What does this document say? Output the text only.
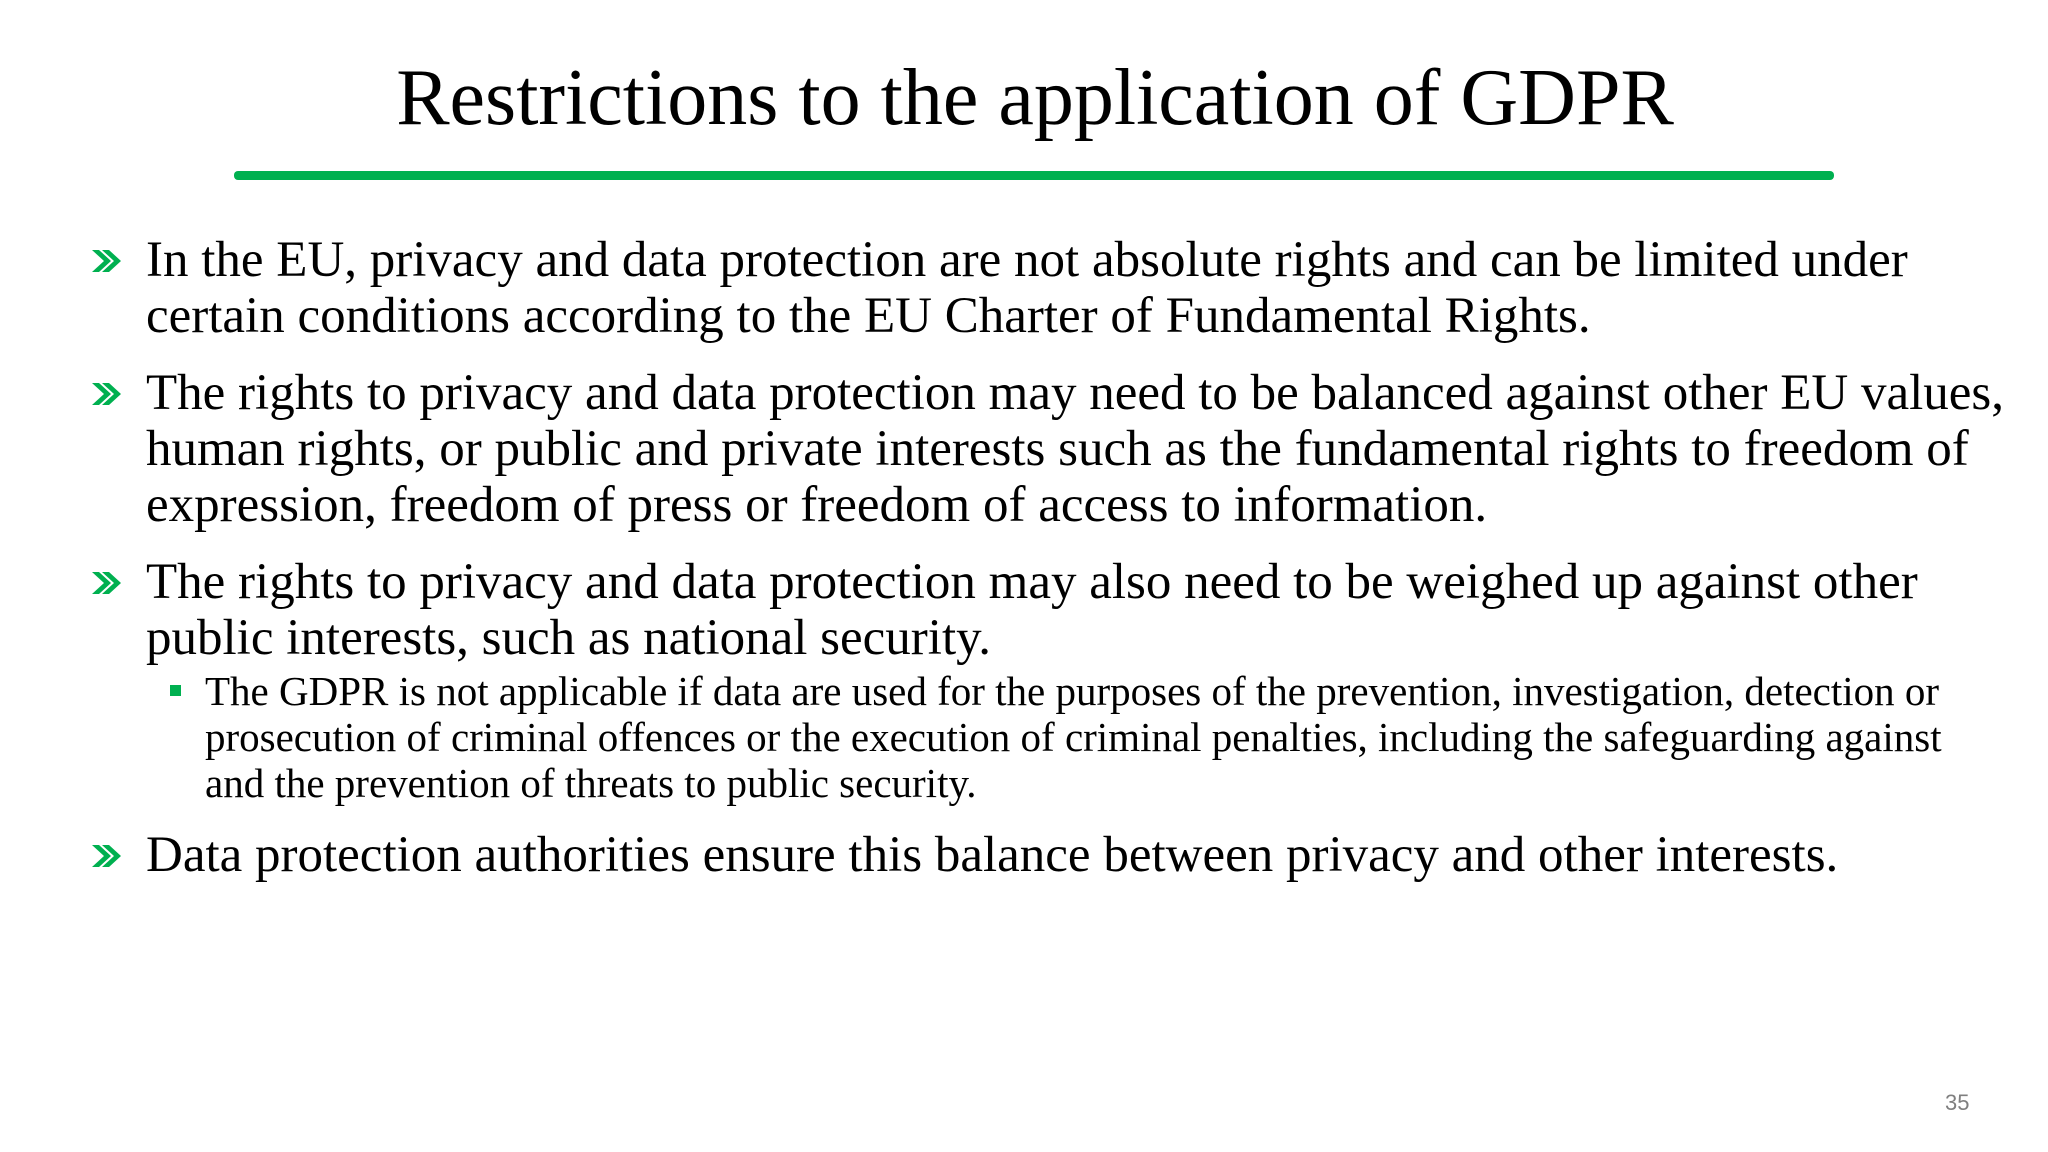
Restrictions to the application of GDPR
In the EU, privacy and data protection are not absolute rights and can be limited under certain conditions according to the EU Charter of Fundamental Rights.
The rights to privacy and data protection may need to be balanced against other EU values, human rights, or public and private interests such as the fundamental rights to freedom of expression, freedom of press or freedom of access to information.
The rights to privacy and data protection may also need to be weighed up against other public interests, such as national security.
The GDPR is not applicable if data are used for the purposes of the prevention, investigation, detection or prosecution of criminal offences or the execution of criminal penalties, including the safeguarding against and the prevention of threats to public security.
Data protection authorities ensure this balance between privacy and other interests.
35
